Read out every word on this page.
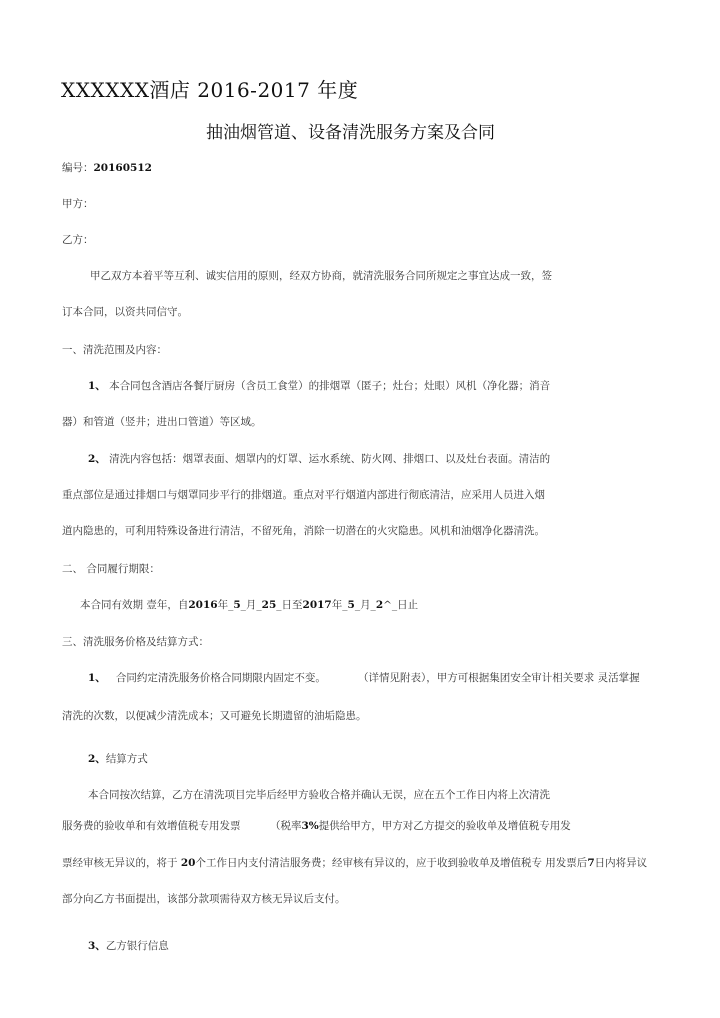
XXXXXX酒店 2016-2017 年度
抽油烟管道、设备清洗服务方案及合同
编号：20160512
甲方：
乙方：
甲乙双方本着平等互利、诚实信用的原则，经双方协商，就清洗服务合同所规定之事宜达成一致，签
订本合同，以资共同信守。
一、清洗范围及内容：
1、 本合同包含酒店各餐厅厨房（含员工食堂）的排烟罩（匿子；灶台；灶眼）风机（净化器；消音
器）和管道（竖井；进出口管道）等区域。
2、 清洗内容包括：烟罩表面、烟罩内的灯罩、运水系统、防火网、排烟口、以及灶台表面。清洁的
重点部位是通过排烟口与烟罩同步平行的排烟道。重点对平行烟道内部进行彻底清洁，应采用人员进入烟
道内隐患的，可利用特殊设备进行清洁，不留死角，消除一切潜在的火灾隐患。风机和油烟净化器清洗。
二、 合同履行期限：
本合同有效期 壹年，自2016年_5_月_25_日至2017年_5_月_2^_日止
三、清洗服务价格及结算方式：
1、 合同约定清洗服务价格合同期限内固定不变。	（详情见附表），甲方可根据集团安全审计相关要求 灵活掌握
清洗的次数，以便减少清洗成本；又可避免长期遗留的油垢隐患。
2、结算方式
本合同按次结算，乙方在清洗项目完毕后经甲方验收合格并确认无误，应在五个工作日内将上次清洗
服务费的验收单和有效增值税专用发票	（税率3%提供给甲方，甲方对乙方提交的验收单及增值税专用发
票经审核无异议的，将于 20个工作日内支付清洁服务费；经审核有异议的，应于收到验收单及增值税专 用发票后7日内将异议
部分向乙方书面提出，该部分款项需待双方核无异议后支付。
3、乙方银行信息
